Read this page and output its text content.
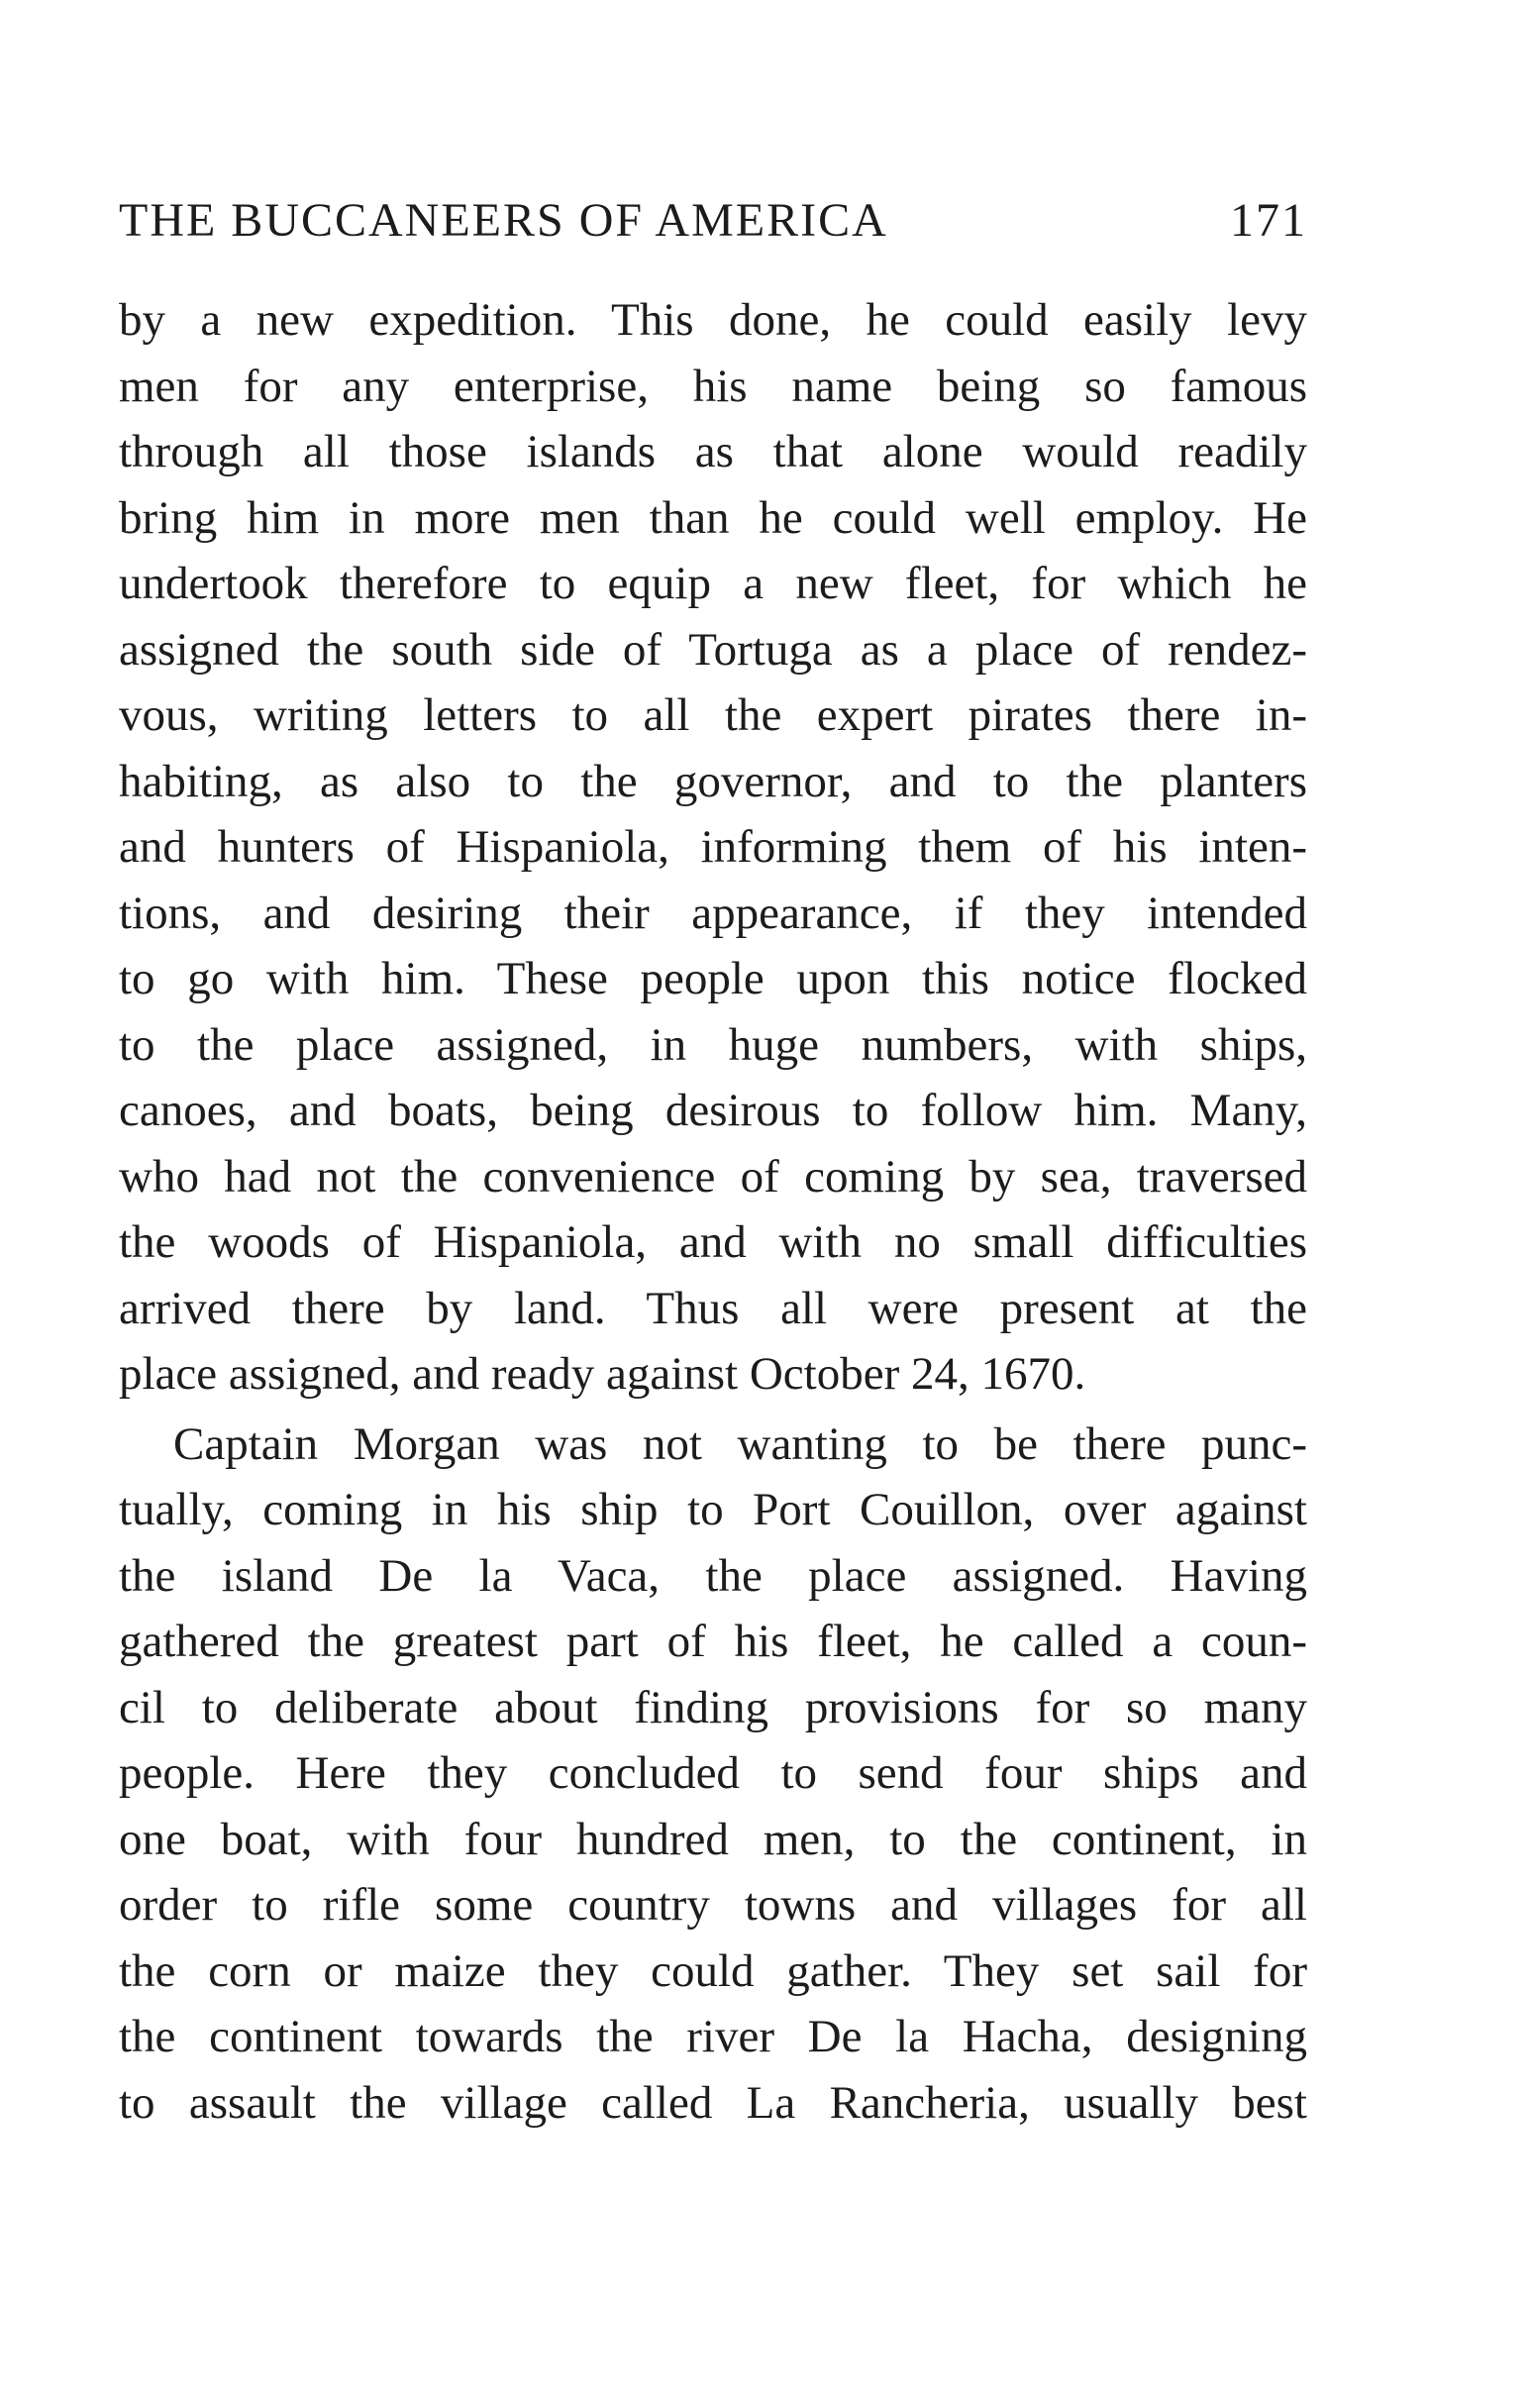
THE BUCCANEERS OF AMERICA	171
by a new expedition. This done, he could easily levy
men for any enterprise, his name being so famous
through all those islands as that alone would readily
bring him in more men than he could well employ. He
undertook therefore to equip a new fleet, for which he
assigned the south side of Tortuga as a place of rendez-
vous, writing letters to all the expert pirates there in-
habiting, as also to the governor, and to the planters
and hunters of Hispaniola, informing them of his inten-
tions, and desiring their appearance, if they intended
to go with him. These people upon this notice flocked
to the place assigned, in huge numbers, with ships,
canoes, and boats, being desirous to follow him. Many,
who had not the convenience of coming by sea, traversed
the woods of Hispaniola, and with no small difficulties
arrived there by land. Thus all were present at the
place assigned, and ready against October 24, 1670.
Captain Morgan was not wanting to be there punc-
tually, coming in his ship to Port Couillon, over against
the island De la Vaca, the place assigned. Having
gathered the greatest part of his fleet, he called a coun-
cil to deliberate about finding provisions for so many
people. Here they concluded to send four ships and
one boat, with four hundred men, to the continent, in
order to rifle some country towns and villages for all
the corn or maize they could gather. They set sail for
the continent towards the river De la Hacha, designing
to assault the village called La Rancheria, usually best
